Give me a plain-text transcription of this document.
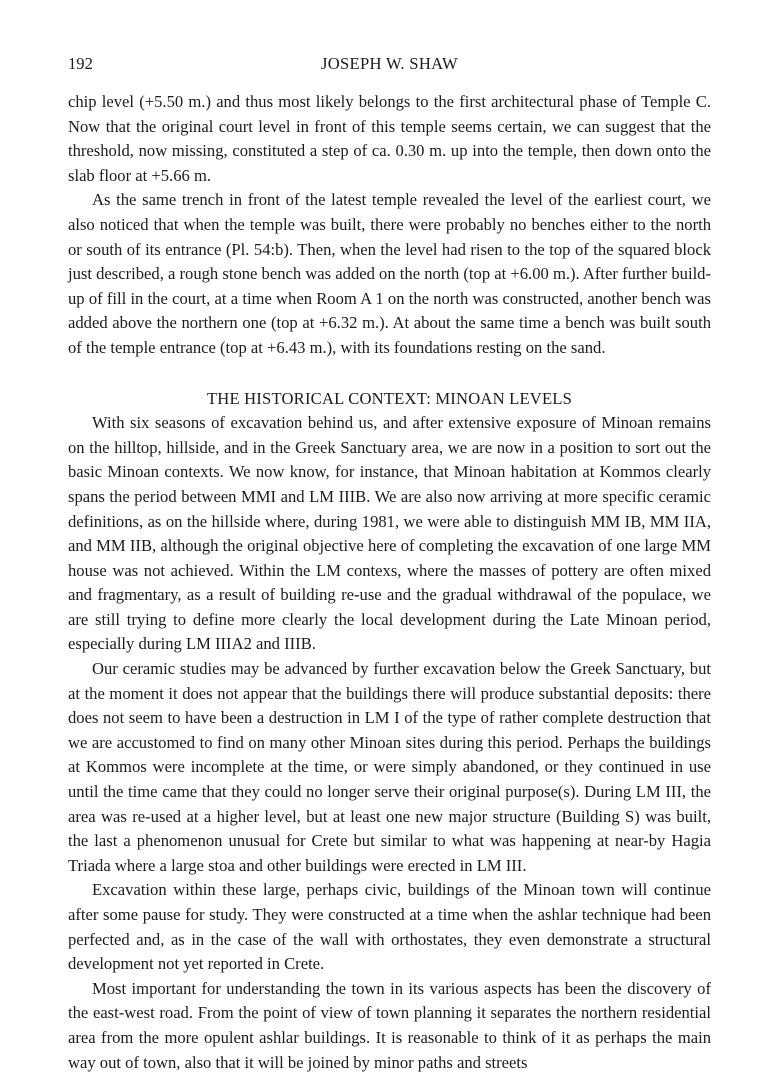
192	JOSEPH W. SHAW

chip level (+5.50 m.) and thus most likely belongs to the first architectural phase of Temple C. Now that the original court level in front of this temple seems certain, we can suggest that the threshold, now missing, constituted a step of ca. 0.30 m. up into the temple, then down onto the slab floor at +5.66 m.

As the same trench in front of the latest temple revealed the level of the earliest court, we also noticed that when the temple was built, there were probably no benches either to the north or south of its entrance (Pl. 54:b). Then, when the level had risen to the top of the squared block just described, a rough stone bench was added on the north (top at +6.00 m.). After further build-up of fill in the court, at a time when Room A 1 on the north was constructed, another bench was added above the northern one (top at +6.32 m.). At about the same time a bench was built south of the temple entrance (top at +6.43 m.), with its foundations resting on the sand.

THE HISTORICAL CONTEXT: MINOAN LEVELS

With six seasons of excavation behind us, and after extensive exposure of Minoan remains on the hilltop, hillside, and in the Greek Sanctuary area, we are now in a position to sort out the basic Minoan contexts. We now know, for instance, that Minoan habitation at Kommos clearly spans the period between MMI and LM IIIB. We are also now arriving at more specific ceramic definitions, as on the hillside where, during 1981, we were able to distinguish MM IB, MM IIA, and MM IIB, although the original objective here of completing the excavation of one large MM house was not achieved. Within the LM contexs, where the masses of pottery are often mixed and fragmentary, as a result of building re-use and the gradual withdrawal of the populace, we are still trying to define more clearly the local development during the Late Minoan period, especially during LM IIIA2 and IIIB.

Our ceramic studies may be advanced by further excavation below the Greek Sanctuary, but at the moment it does not appear that the buildings there will produce substantial deposits: there does not seem to have been a destruction in LM I of the type of rather complete destruction that we are accustomed to find on many other Minoan sites during this period. Perhaps the buildings at Kommos were incomplete at the time, or were simply abandoned, or they continued in use until the time came that they could no longer serve their original purpose(s). During LM III, the area was re-used at a higher level, but at least one new major structure (Building S) was built, the last a phenomenon unusual for Crete but similar to what was happening at near-by Hagia Triada where a large stoa and other buildings were erected in LM III.

Excavation within these large, perhaps civic, buildings of the Minoan town will continue after some pause for study. They were constructed at a time when the ashlar technique had been perfected and, as in the case of the wall with orthostates, they even demonstrate a structural development not yet reported in Crete.

Most important for understanding the town in its various aspects has been the discovery of the east-west road. From the point of view of town planning it separates the northern residential area from the more opulent ashlar buildings. It is reasonable to think of it as perhaps the main way out of town, also that it will be joined by minor paths and streets
